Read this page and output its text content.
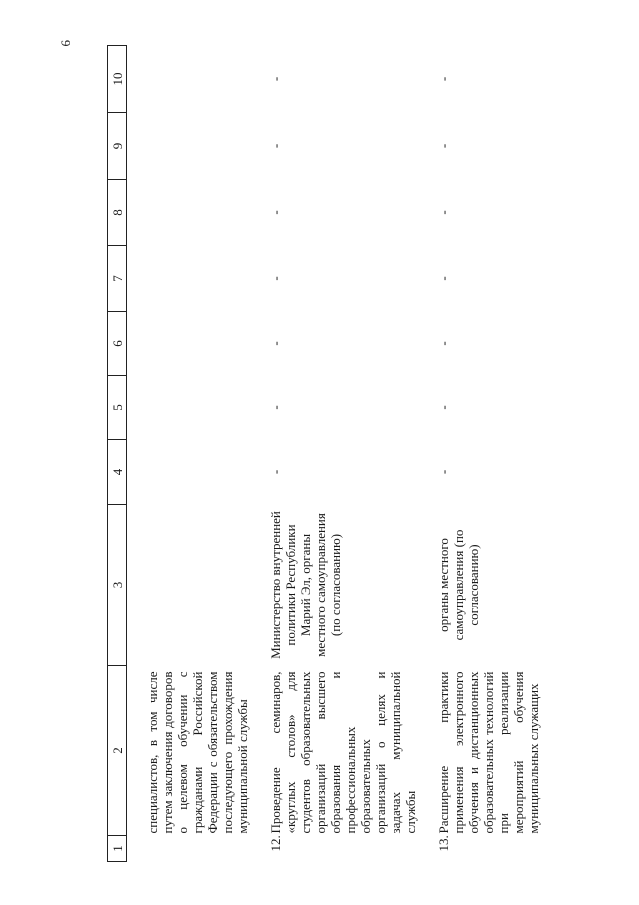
6
1	2	3	4	5	6	7	8	9	10

	специалистов, в том числе путем заключения договоров о целевом обучении с гражданами Российской Федерации с обязательством последующего прохождения муниципальной службы								

12.	Проведение семинаров, «круглых столов» для студентов образовательных организаций высшего образования и профессиональных образовательных организаций о целях и задачах муниципальной службы	Министерство внутренней политики Республики Марий Эл, органы местного самоуправления (по согласованию)	-	-	-	-	-	-	-

13.	Расширение практики применения электронного обучения и дистанционных образовательных технологий при реализации мероприятий обучения муниципальных служащих	органы местного самоуправления (по согласованию)	-	-	-	-	-	-	-
